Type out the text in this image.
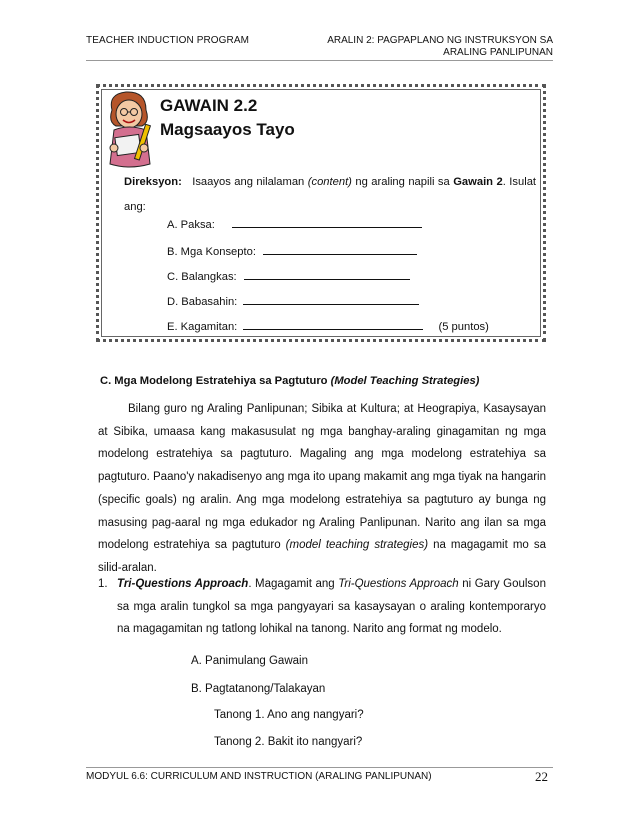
TEACHER INDUCTION PROGRAM	ARALIN 2: PAGPAPLANO NG INSTRUKSYON SA
ARALING PANLIPUNAN
GAWAIN 2.2
Magsaayos Tayo
Direksyon: Isaayos ang nilalaman (content) ng araling napili sa Gawain 2. Isulat ang:
A. Paksa:
B. Mga Konsepto:
C. Balangkas:
D. Babasahin:
E. Kagamitan:	(5 puntos)
C. Mga Modelong Estratehiya sa Pagtuturo (Model Teaching Strategies)

Bilang guro ng Araling Panlipunan; Sibika at Kultura; at Heograpiya, Kasaysayan at Sibika, umaasa kang makasusulat ng mga banghay-araling ginagamitan ng mga modelong estratehiya sa pagtuturo. Magaling ang mga modelong estratehiya sa pagtuturo. Paano'y nakadisenyo ang mga ito upang makamit ang mga tiyak na hangarin (specific goals) ng aralin. Ang mga modelong estratehiya sa pagtuturo ay bunga ng masusing pag-aaral ng mga edukador ng Araling Panlipunan. Narito ang ilan sa mga modelong estratehiya sa pagtuturo (model teaching strategies) na magagamit mo sa silid-aralan.

1. Tri-Questions Approach. Magagamit ang Tri-Questions Approach ni Gary Goulson sa mga aralin tungkol sa mga pangyayari sa kasaysayan o araling kontemporaryo na magagamitan ng tatlong lohikal na tanong. Narito ang format ng modelo.
A. Panimulang Gawain
B. Pagtatanong/Talakayan
Tanong 1. Ano ang nangyari?
Tanong 2. Bakit ito nangyari?
MODYUL 6.6: CURRICULUM AND INSTRUCTION (ARALING PANLIPUNAN)	22
